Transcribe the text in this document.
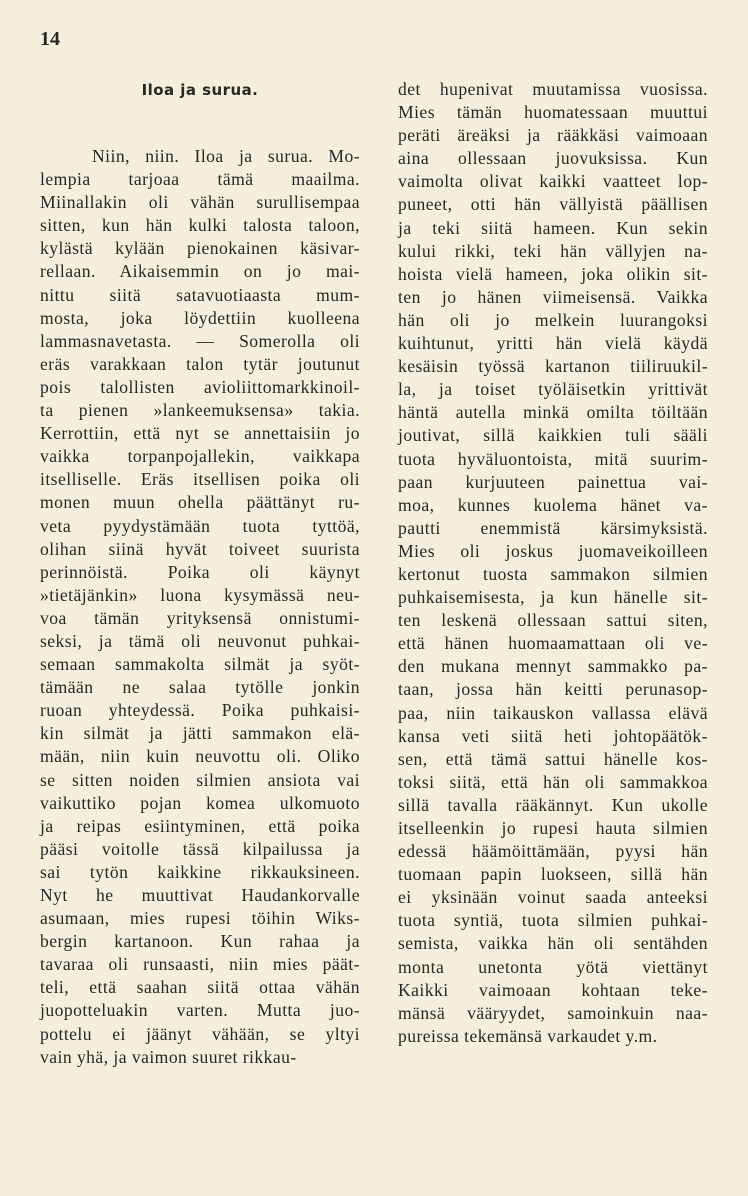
14
Iloa ja surua.
Niin, niin. Iloa ja surua. Mo-
lempia tarjoaa tämä maailma.
Miinallakin oli vähän surullisempaa
sitten, kun hän kulki talosta taloon,
kylästä kylään pienokainen käsivar-
rellaan. Aikaisemmin on jo mai-
nittu siitä satavuotiaasta mum-
mosta, joka löydettiin kuolleena
lammasnavetasta. — Somerolla oli
eräs varakkaan talon tytär joutunut
pois talollisten avioliittomarkkinoil-
ta pienen »lankeemuksensa» takia.
Kerrottiin, että nyt se annettaisiin jo
vaikka torpanpojallekin, vaikkapa
itselliselle. Eräs itsellisen poika oli
monen muun ohella päättänyt ru-
veta pyydystämään tuota tyttöä,
olihan siinä hyvät toiveet suurista
perinnöistä. Poika oli käynyt
»tietäjänkin» luona kysymässä neu-
voa tämän yrityksensä onnistumi-
seksi, ja tämä oli neuvonut puhkai-
semaan sammakolta silmät ja syöt-
tämään ne salaa tytölle jonkin
ruoan yhteydessä. Poika puhkaisi-
kin silmät ja jätti sammakon elä-
mään, niin kuin neuvottu oli. Oliko
se sitten noiden silmien ansiota vai
vaikuttiko pojan komea ulkomuoto
ja reipas esiintyminen, että poika
pääsi voitolle tässä kilpailussa ja
sai tytön kaikkine rikkauksineen.
Nyt he muuttivat Haudankorvalle
asumaan, mies rupesi töihin Wiks-
bergin kartanoon. Kun rahaa ja
tavaraa oli runsaasti, niin mies päät-
teli, että saahan siitä ottaa vähän
juopotteluakin varten. Mutta juo-
pottelu ei jäänyt vähään, se yltyi
vain yhä, ja vaimon suuret rikkau-
det hupenivat muutamissa vuosissa.
Mies tämän huomatessaan muuttui
peräti äreäksi ja rääkkäsi vaimoaan
aina ollessaan juovuksissa. Kun
vaimolta olivat kaikki vaatteet lop-
puneet, otti hän vällyistä päällisen
ja teki siitä hameen. Kun sekin
kului rikki, teki hän vällyjen na-
hoista vielä hameen, joka olikin sit-
ten jo hänen viimeisensä. Vaikka
hän oli jo melkein luurangoksi
kuihtunut, yritti hän vielä käydä
kesäisin työssä kartanon tiiliruukil-
la, ja toiset työläisetkin yrittivät
häntä autella minkä omilta töiltään
joutivat, sillä kaikkien tuli sääli
tuota hyväluontoista, mitä suurim-
paan kurjuuteen painettua vai-
moa, kunnes kuolema hänet va-
pautti enemmistä kärsimyksistä.
Mies oli joskus juomaveikoilleen
kertonut tuosta sammakon silmien
puhkaisemisesta, ja kun hänelle sit-
ten leskenä ollessaan sattui siten,
että hänen huomaamattaan oli ve-
den mukana mennyt sammakko pa-
taan, jossa hän keitti perunasop-
paa, niin taikauskon vallassa elävä
kansa veti siitä heti johtopäätök-
sen, että tämä sattui hänelle kos-
toksi siitä, että hän oli sammakkoa
sillä tavalla rääkännyt. Kun ukolle
itselleenkin jo rupesi hauta silmien
edessä häämöittämään, pyysi hän
tuomaan papin luokseen, sillä hän
ei yksinään voinut saada anteeksi
tuota syntiä, tuota silmien puhkai-
semista, vaikka hän oli sentähden
monta unetonta yötä viettänyt
Kaikki vaimoaan kohtaan teke-
mänsä vääryydet, samoinkuin naa-
pureissa tekemänsä varkaudet y.m.
